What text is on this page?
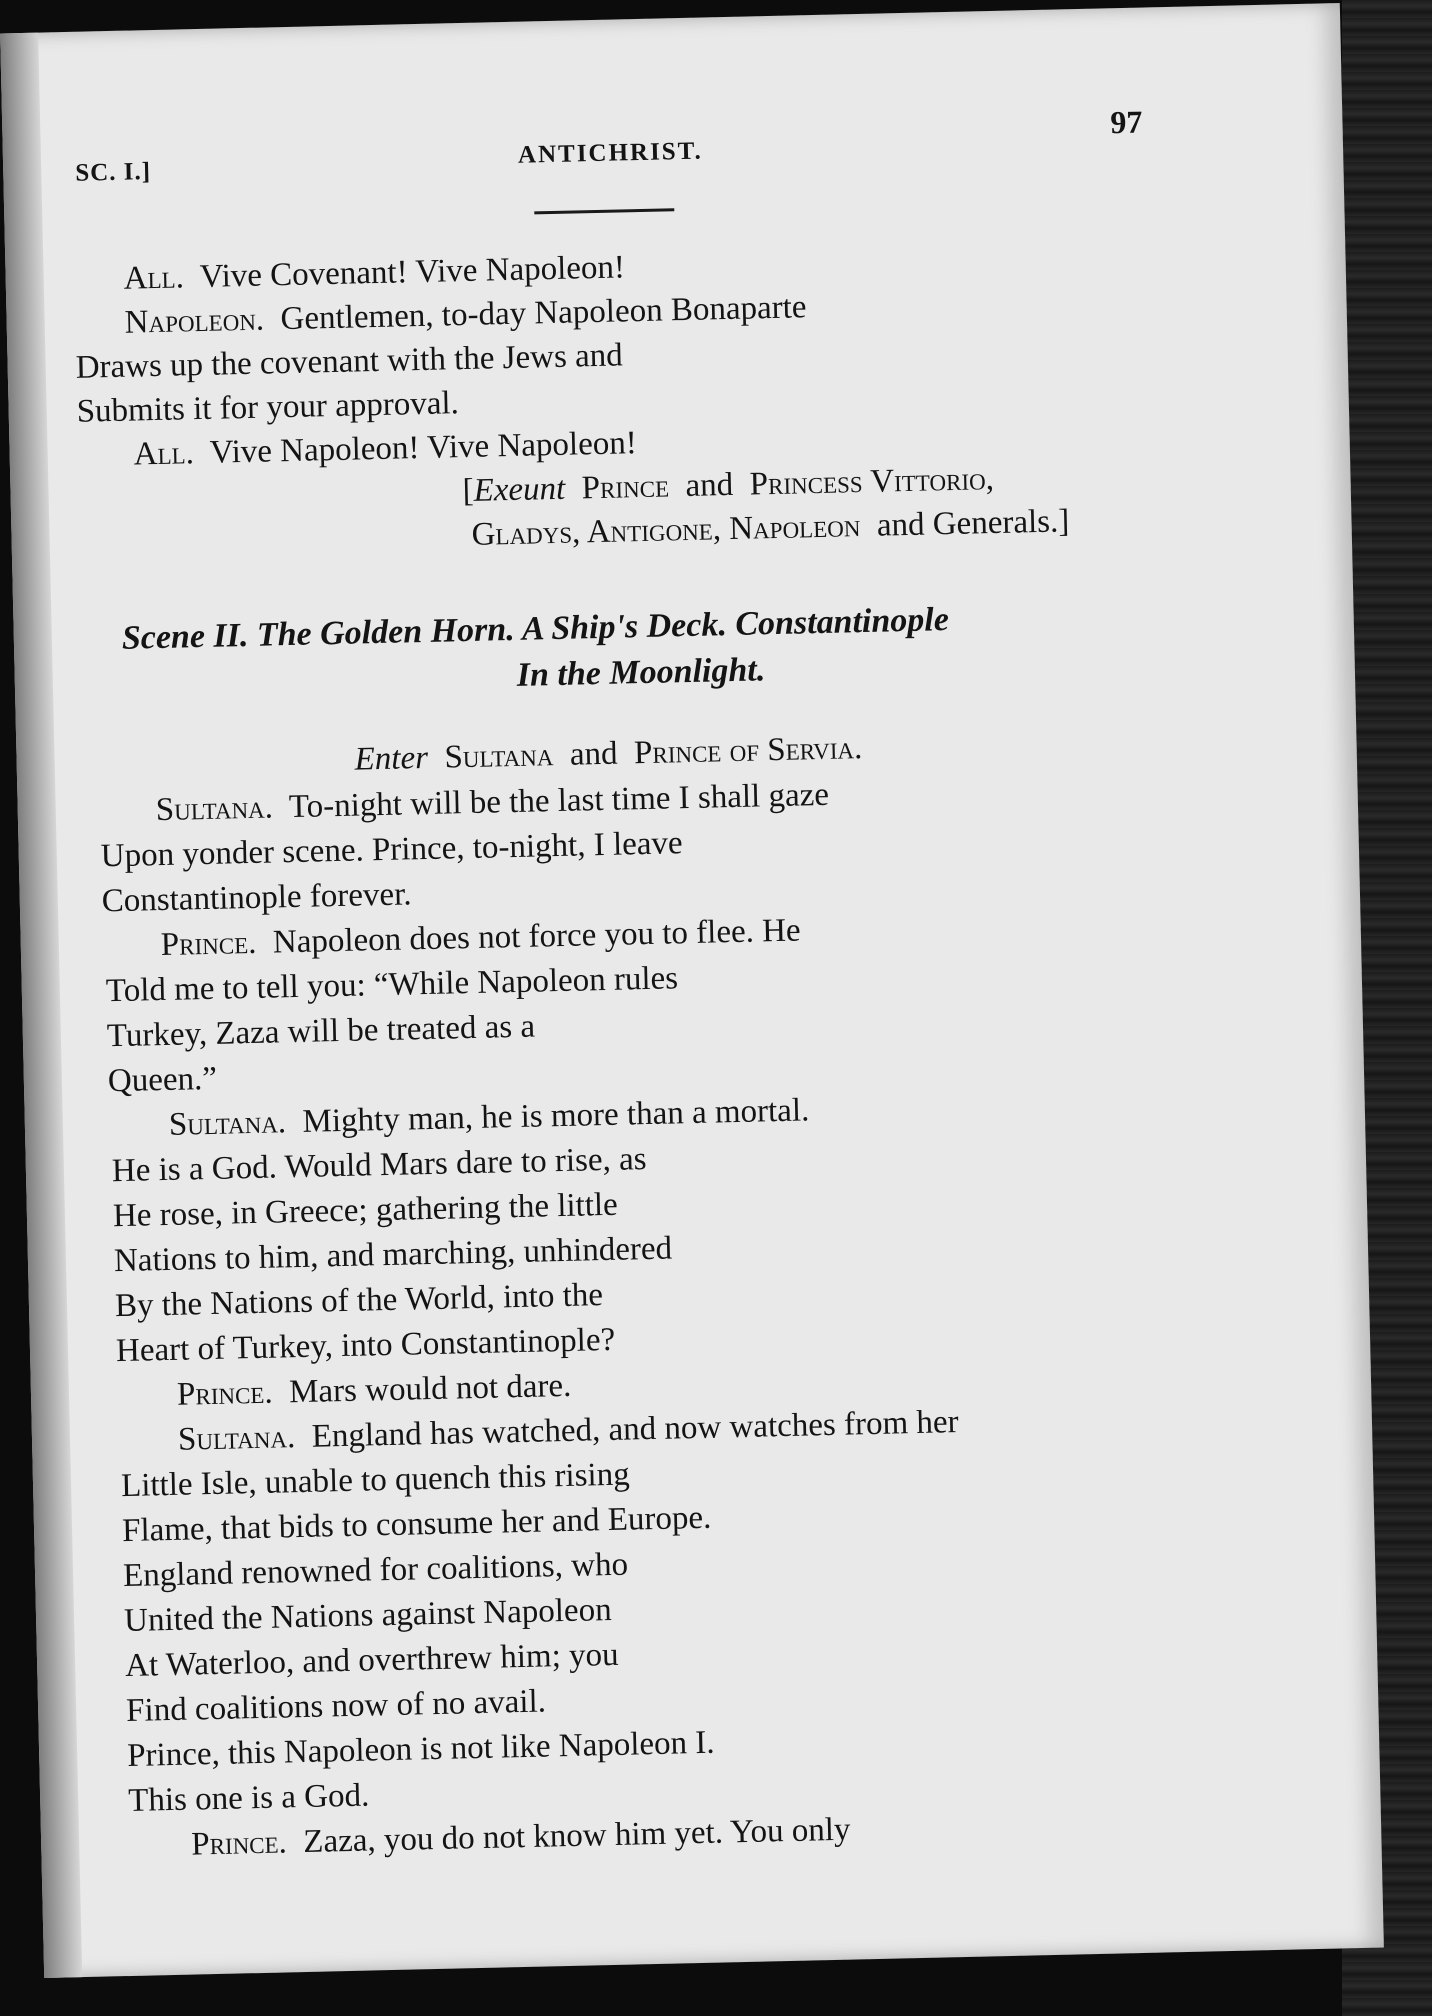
SC. I.]
ANTICHRIST.
97
All. Vive Covenant! Vive Napoleon!
Napoleon. Gentlemen, to-day Napoleon Bonaparte
Draws up the covenant with the Jews and
Submits it for your approval.
All. Vive Napoleon! Vive Napoleon!
[Exeunt Prince and Princess Vittorio,
Gladys, Antigone, Napoleon and Generals.]
Scene II. The Golden Horn. A Ship's Deck. Constantinople
In the Moonlight.
Enter Sultana and Prince of Servia.
Sultana. To-night will be the last time I shall gaze
Upon yonder scene. Prince, to-night, I leave
Constantinople forever.
Prince. Napoleon does not force you to flee. He
Told me to tell you: “While Napoleon rules
Turkey, Zaza will be treated as a
Queen.”
Sultana. Mighty man, he is more than a mortal.
He is a God. Would Mars dare to rise, as
He rose, in Greece; gathering the little
Nations to him, and marching, unhindered
By the Nations of the World, into the
Heart of Turkey, into Constantinople?
Prince. Mars would not dare.
Sultana. England has watched, and now watches from her
Little Isle, unable to quench this rising
Flame, that bids to consume her and Europe.
England renowned for coalitions, who
United the Nations against Napoleon
At Waterloo, and overthrew him; you
Find coalitions now of no avail.
Prince, this Napoleon is not like Napoleon I.
This one is a God.
Prince. Zaza, you do not know him yet. You only
